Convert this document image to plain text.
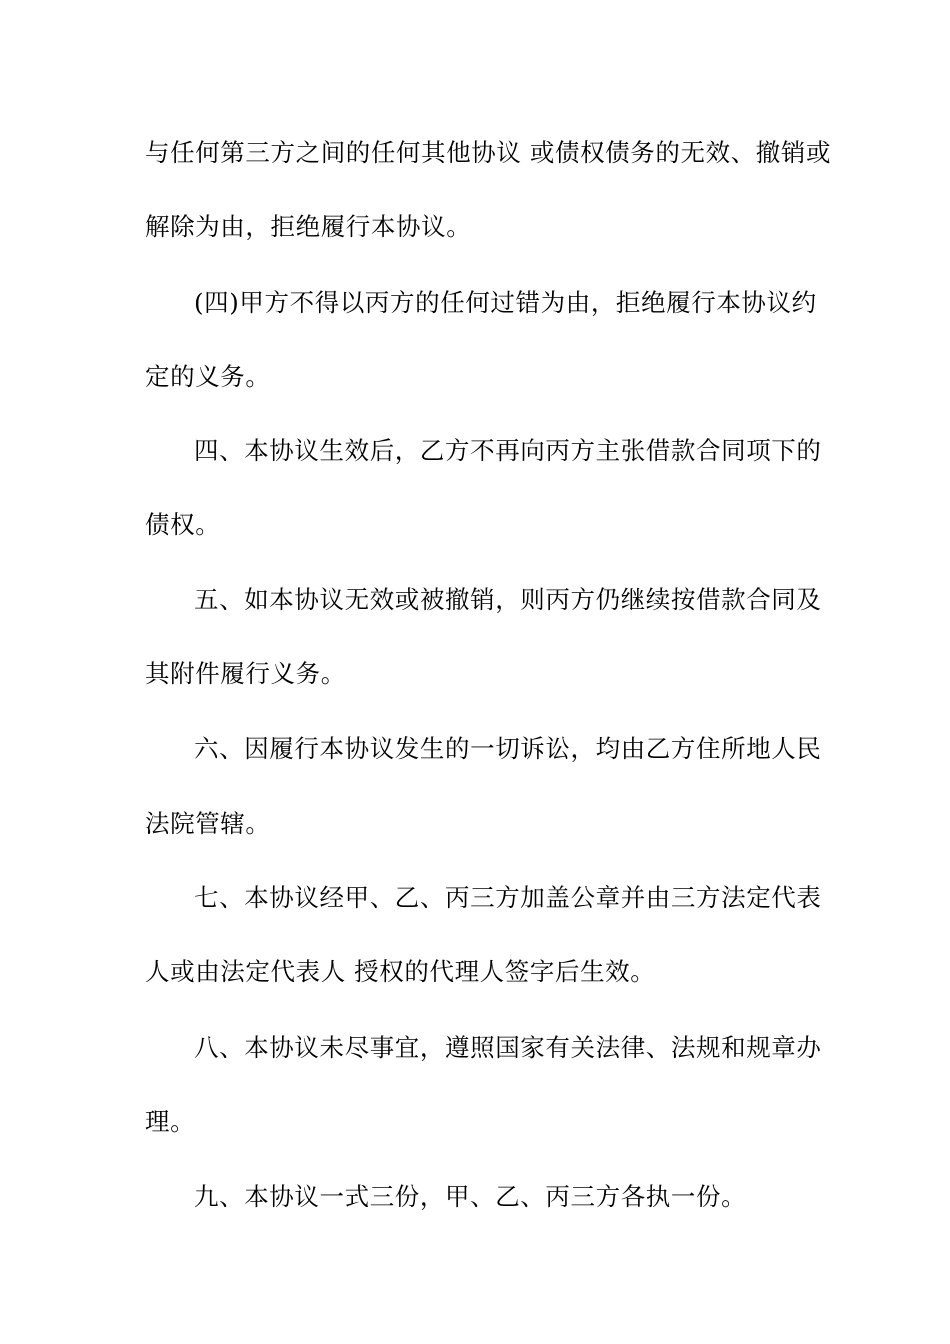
与任何第三方之间的任何其他协议 或债权债务的无效、撤销或
解除为由，拒绝履行本协议。
(四)甲方不得以丙方的任何过错为由，拒绝履行本协议约
定的义务。
四、本协议生效后，乙方不再向丙方主张借款合同项下的
债权。
五、如本协议无效或被撤销，则丙方仍继续按借款合同及
其附件履行义务。
六、因履行本协议发生的一切诉讼，均由乙方住所地人民
法院管辖。
七、本协议经甲、乙、丙三方加盖公章并由三方法定代表
人或由法定代表人 授权的代理人签字后生效。
八、本协议未尽事宜，遵照国家有关法律、法规和规章办
理。
九、本协议一式三份，甲、乙、丙三方各执一份。
